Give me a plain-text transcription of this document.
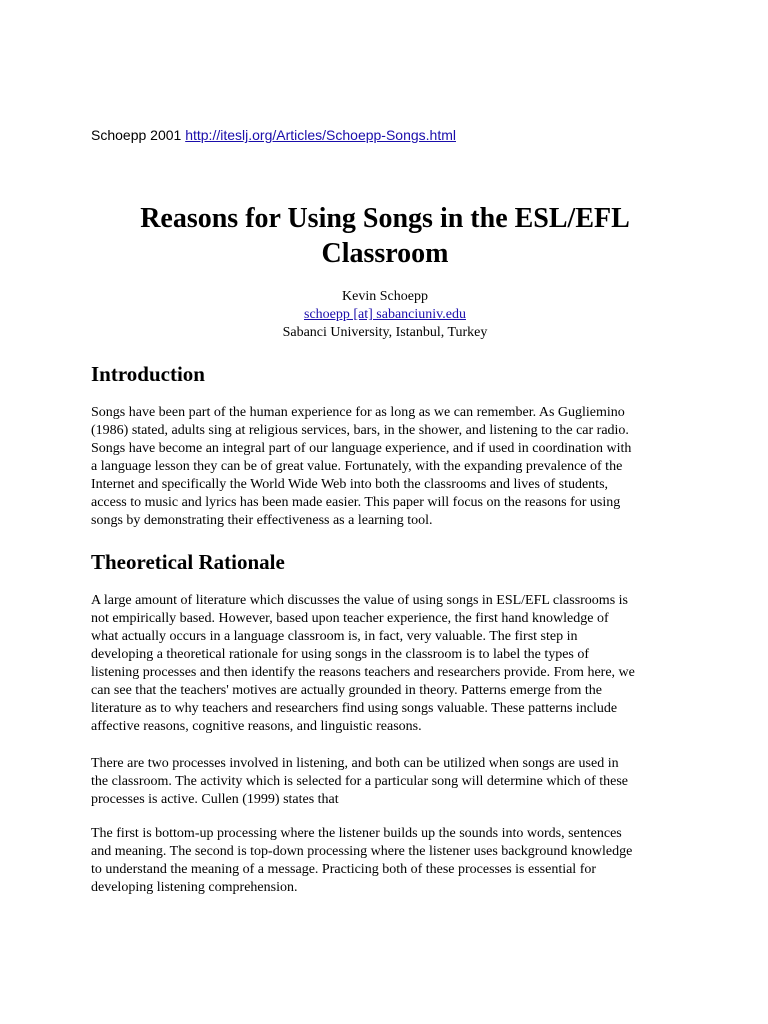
Schoepp 2001 http://iteslj.org/Articles/Schoepp-Songs.html
Reasons for Using Songs in the ESL/EFL
Classroom
Kevin Schoepp
schoepp [at] sabanciuniv.edu
Sabanci University, Istanbul, Turkey
Introduction
Songs have been part of the human experience for as long as we can remember. As Gugliemino
(1986) stated, adults sing at religious services, bars, in the shower, and listening to the car radio.
Songs have become an integral part of our language experience, and if used in coordination with
a language lesson they can be of great value. Fortunately, with the expanding prevalence of the
Internet and specifically the World Wide Web into both the classrooms and lives of students,
access to music and lyrics has been made easier. This paper will focus on the reasons for using
songs by demonstrating their effectiveness as a learning tool.
Theoretical Rationale
A large amount of literature which discusses the value of using songs in ESL/EFL classrooms is
not empirically based. However, based upon teacher experience, the first hand knowledge of
what actually occurs in a language classroom is, in fact, very valuable. The first step in
developing a theoretical rationale for using songs in the classroom is to label the types of
listening processes and then identify the reasons teachers and researchers provide. From here, we
can see that the teachers' motives are actually grounded in theory. Patterns emerge from the
literature as to why teachers and researchers find using songs valuable. These patterns include
affective reasons, cognitive reasons, and linguistic reasons.
There are two processes involved in listening, and both can be utilized when songs are used in
the classroom. The activity which is selected for a particular song will determine which of these
processes is active. Cullen (1999) states that
The first is bottom-up processing where the listener builds up the sounds into words, sentences
and meaning. The second is top-down processing where the listener uses background knowledge
to understand the meaning of a message. Practicing both of these processes is essential for
developing listening comprehension.
